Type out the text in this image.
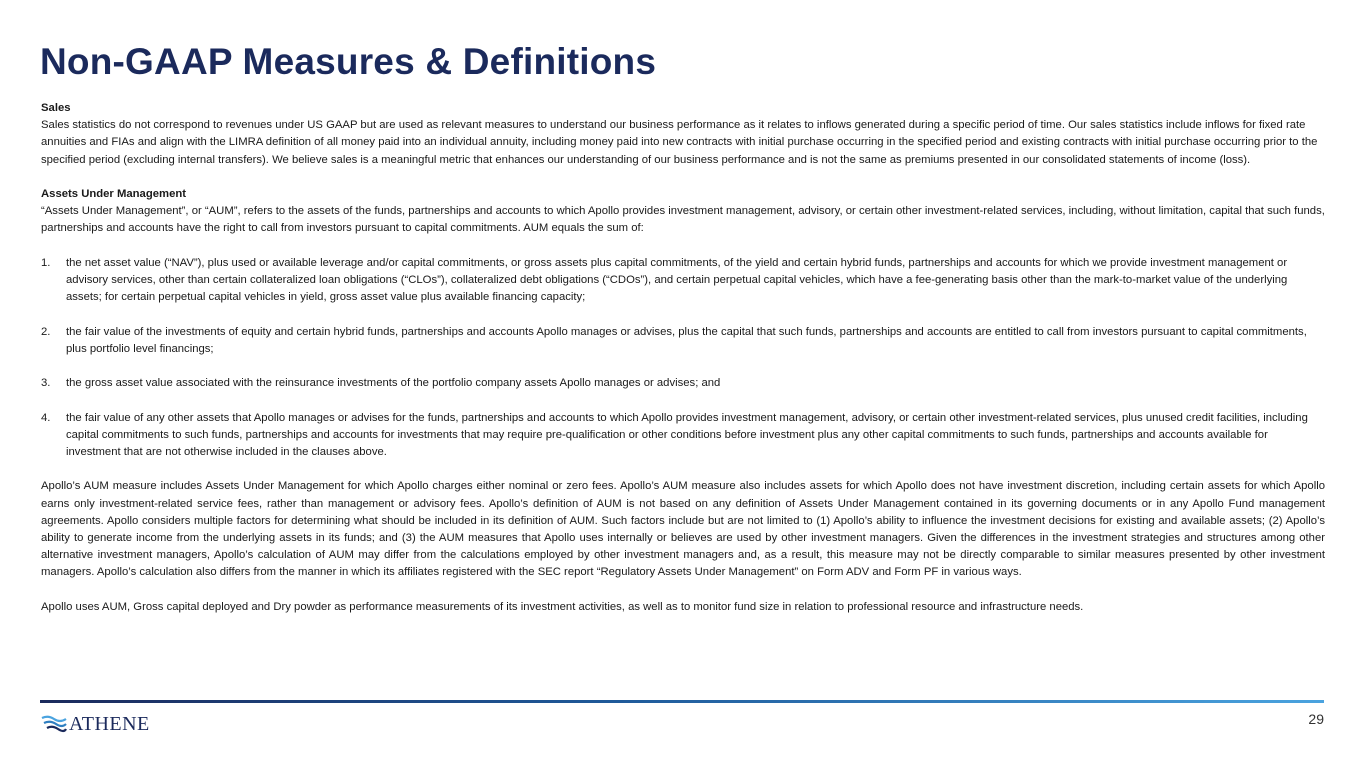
Non-GAAP Measures & Definitions
Sales

Sales statistics do not correspond to revenues under US GAAP but are used as relevant measures to understand our business performance as it relates to inflows generated during a specific period of time. Our sales statistics include inflows for fixed rate annuities and FIAs and align with the LIMRA definition of all money paid into an individual annuity, including money paid into new contracts with initial purchase occurring in the specified period and existing contracts with initial purchase occurring prior to the specified period (excluding internal transfers). We believe sales is a meaningful metric that enhances our understanding of our business performance and is not the same as premiums presented in our consolidated statements of income (loss).

Assets Under Management

“Assets Under Management”, or “AUM”, refers to the assets of the funds, partnerships and accounts to which Apollo provides investment management, advisory, or certain other investment-related services, including, without limitation, capital that such funds, partnerships and accounts have the right to call from investors pursuant to capital commitments. AUM equals the sum of:

1. the net asset value (“NAV”), plus used or available leverage and/or capital commitments, or gross assets plus capital commitments, of the yield and certain hybrid funds, partnerships and accounts for which we provide investment management or advisory services, other than certain collateralized loan obligations (“CLOs”), collateralized debt obligations (“CDOs”), and certain perpetual capital vehicles, which have a fee-generating basis other than the mark-to-market value of the underlying assets; for certain perpetual capital vehicles in yield, gross asset value plus available financing capacity;
2. the fair value of the investments of equity and certain hybrid funds, partnerships and accounts Apollo manages or advises, plus the capital that such funds, partnerships and accounts are entitled to call from investors pursuant to capital commitments, plus portfolio level financings;
3. the gross asset value associated with the reinsurance investments of the portfolio company assets Apollo manages or advises; and
4. the fair value of any other assets that Apollo manages or advises for the funds, partnerships and accounts to which Apollo provides investment management, advisory, or certain other investment-related services, plus unused credit facilities, including capital commitments to such funds, partnerships and accounts for investments that may require pre-qualification or other conditions before investment plus any other capital commitments to such funds, partnerships and accounts available for investment that are not otherwise included in the clauses above.

Apollo’s AUM measure includes Assets Under Management for which Apollo charges either nominal or zero fees. Apollo’s AUM measure also includes assets for which Apollo does not have investment discretion, including certain assets for which Apollo earns only investment-related service fees, rather than management or advisory fees. Apollo’s definition of AUM is not based on any definition of Assets Under Management contained in its governing documents or in any Apollo Fund management agreements. Apollo considers multiple factors for determining what should be included in its definition of AUM. Such factors include but are not limited to (1) Apollo’s ability to influence the investment decisions for existing and available assets; (2) Apollo’s ability to generate income from the underlying assets in its funds; and (3) the AUM measures that Apollo uses internally or believes are used by other investment managers. Given the differences in the investment strategies and structures among other alternative investment managers, Apollo’s calculation of AUM may differ from the calculations employed by other investment managers and, as a result, this measure may not be directly comparable to similar measures presented by other investment managers. Apollo’s calculation also differs from the manner in which its affiliates registered with the SEC report “Regulatory Assets Under Management” on Form ADV and Form PF in various ways.

Apollo uses AUM, Gross capital deployed and Dry powder as performance measurements of its investment activities, as well as to monitor fund size in relation to professional resource and infrastructure needs.

ATHENE	29
